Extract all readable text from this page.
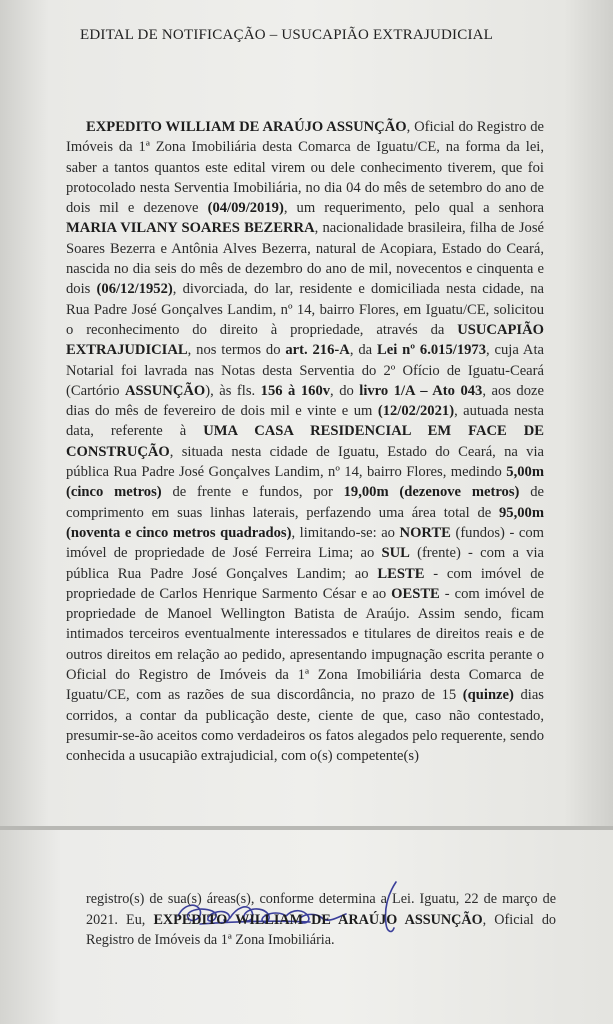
EDITAL DE NOTIFICAÇÃO – USUCAPIÃO EXTRAJUDICIAL
EXPEDITO WILLIAM DE ARAÚJO ASSUNÇÃO, Oficial do Registro de Imóveis da 1ª Zona Imobiliária desta Comarca de Iguatu/CE, na forma da lei, saber a tantos quantos este edital virem ou dele conhecimento tiverem, que foi protocolado nesta Serventia Imobiliária, no dia 04 do mês de setembro do ano de dois mil e dezenove (04/09/2019), um requerimento, pelo qual a senhora MARIA VILANY SOARES BEZERRA, nacionalidade brasileira, filha de José Soares Bezerra e Antônia Alves Bezerra, natural de Acopiara, Estado do Ceará, nascida no dia seis do mês de dezembro do ano de mil, novecentos e cinquenta e dois (06/12/1952), divorciada, do lar, residente e domiciliada nesta cidade, na Rua Padre José Gonçalves Landim, nº 14, bairro Flores, em Iguatu/CE, solicitou o reconhecimento do direito à propriedade, através da USUCAPIÃO EXTRAJUDICIAL, nos termos do art. 216-A, da Lei nº 6.015/1973, cuja Ata Notarial foi lavrada nas Notas desta Serventia do 2º Ofício de Iguatu-Ceará (Cartório ASSUNÇÃO), às fls. 156 à 160v, do livro 1/A – Ato 043, aos doze dias do mês de fevereiro de dois mil e vinte e um (12/02/2021), autuada nesta data, referente à UMA CASA RESIDENCIAL EM FACE DE CONSTRUÇÃO, situada nesta cidade de Iguatu, Estado do Ceará, na via pública Rua Padre José Gonçalves Landim, nº 14, bairro Flores, medindo 5,00m (cinco metros) de frente e fundos, por 19,00m (dezenove metros) de comprimento em suas linhas laterais, perfazendo uma área total de 95,00m (noventa e cinco metros quadrados), limitando-se: ao NORTE (fundos) - com imóvel de propriedade de José Ferreira Lima; ao SUL (frente) - com a via pública Rua Padre José Gonçalves Landim; ao LESTE - com imóvel de propriedade de Carlos Henrique Sarmento César e ao OESTE - com imóvel de propriedade de Manoel Wellington Batista de Araújo. Assim sendo, ficam intimados terceiros eventualmente interessados e titulares de direitos reais e de outros direitos em relação ao pedido, apresentando impugnação escrita perante o Oficial do Registro de Imóveis da 1ª Zona Imobiliária desta Comarca de Iguatu/CE, com as razões de sua discordância, no prazo de 15 (quinze) dias corridos, a contar da publicação deste, ciente de que, caso não contestado, presumir-se-ão aceitos como verdadeiros os fatos alegados pelo requerente, sendo conhecida a usucapião extrajudicial, com o(s) competente(s)
registro(s) de sua(s) áreas(s), conforme determina a Lei. Iguatu, 22 de março de 2021. Eu, EXPEDITO WILLIAM DE ARAÚJO ASSUNÇÃO, Oficial do Registro de Imóveis da 1ª Zona Imobiliária.
